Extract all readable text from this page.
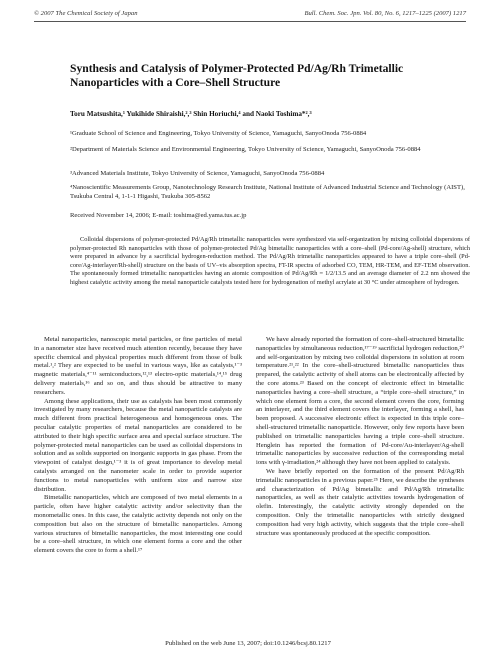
© 2007 The Chemical Society of Japan	Bull. Chem. Soc. Jpn. Vol. 80, No. 6, 1217–1225 (2007) 1217
Synthesis and Catalysis of Polymer-Protected Pd/Ag/Rh Trimetallic Nanoparticles with a Core–Shell Structure
Toru Matsushita,¹ Yukihide Shiraishi,²,³ Shin Horiuchi,⁴ and Naoki Toshima*²,³
¹Graduate School of Science and Engineering, Tokyo University of Science, Yamaguchi, SanyoOnoda 756-0884
²Department of Materials Science and Environmental Engineering, Tokyo University of Science, Yamaguchi, SanyoOnoda 756-0884
³Advanced Materials Institute, Tokyo University of Science, Yamaguchi, SanyoOnoda 756-0884
⁴Nanoscientific Measurements Group, Nanotechnology Research Institute, National Institute of Advanced Industrial Science and Technology (AIST), Tsukuba Central 4, 1-1-1 Higashi, Tsukuba 305-8562
Received November 14, 2006; E-mail: toshima@ed.yama.tus.ac.jp

Colloidal dispersions of polymer-protected Pd/Ag/Rh trimetallic nanoparticles were synthesized via self-organization by mixing colloidal dispersions of polymer-protected Rh nanoparticles with those of polymer-protected Pd/Ag bimetallic nanoparticles with a core–shell (Pd-core/Ag-shell) structure, which were prepared in advance by a sacrificial hydrogen-reduction method. The Pd/Ag/Rh trimetallic nanoparticles appeared to have a triple core–shell (Pd-core/Ag-interlayer/Rh-shell) structure on the basis of UV–vis absorption spectra, FT-IR spectra of adsorbed CO, TEM, HR-TEM, and EF-TEM observation. The spontaneously formed trimetallic nanoparticles having an atomic composition of Pd/Ag/Rh = 1/2/13.5 and an average diameter of 2.2 nm showed the highest catalytic activity among the metal nanoparticle catalysts tested here for hydrogenation of methyl acrylate at 30 °C under atmosphere of hydrogen.

Metal nanoparticles, nanoscopic metal particles, or fine particles of metal in a nanometer size have received much attention recently, because they have specific chemical and physical properties much different from those of bulk metal.¹,² They are expected to be useful in various ways, like as catalysts,¹⁻³ magnetic materials,⁴⁻¹¹ semiconductors,¹²,¹³ electro-optic materials,¹⁴,¹⁵ drug delivery materials,¹⁶ and so on, and thus should be attractive to many researchers.

Among these applications, their use as catalysts has been most commonly investigated by many researchers, because the metal nanoparticle catalysts are much different from practical heterogeneous and homogeneous ones. The peculiar catalytic properties of metal nanoparticles are considered to be attributed to their high specific surface area and special surface structure. The polymer-protected metal nanoparticles can be used as colloidal dispersions in solution and as solids supported on inorganic supports in gas phase. From the viewpoint of catalyst design,¹⁻³ it is of great importance to develop metal catalysts arranged on the nanometer scale in order to provide superior functions to metal nanoparticles with uniform size and narrow size distribution.

Bimetallic nanoparticles, which are composed of two metal elements in a particle, often have higher catalytic activity and/or selectivity than the monometallic ones. In this case, the catalytic activity depends not only on the composition but also on the structure of bimetallic nanoparticles. Among various structures of bimetallic nanoparticles, the most interesting one could be a core–shell structure, in which one element forms a core and the other element covers the core to form a shell.¹⁷

We have already reported the formation of core–shell-structured bimetallic nanoparticles by simultaneous reduction,¹⁷⁻¹⁹ sacrificial hydrogen reduction,²⁰ and self-organization by mixing two colloidal dispersions in solution at room temperature.²¹,²² In the core–shell-structured bimetallic nanoparticles thus prepared, the catalytic activity of shell atoms can be electronically affected by the core atoms.²³ Based on the concept of electronic effect in bimetallic nanoparticles having a core–shell structure, a “triple core–shell structure,” in which one element form a core, the second element covers the core, forming an interlayer, and the third element covers the interlayer, forming a shell, has been proposed. A successive electronic effect is expected in this triple core–shell-structured trimetallic nanoparticle. However, only few reports have been published on trimetallic nanoparticles having a triple core–shell structure. Henglein has reported the formation of Pd-core/Au-interlayer/Ag-shell trimetallic nanoparticles by successive reduction of the corresponding metal ions with γ-irradiation,²⁴ although they have not been applied to catalysis.

We have briefly reported on the formation of the present Pd/Ag/Rh trimetallic nanoparticles in a previous paper.²⁵ Here, we describe the syntheses and characterization of Pd/Ag bimetallic and Pd/Ag/Rh trimetallic nanoparticles, as well as their catalytic activities towards hydrogenation of olefin. Interestingly, the catalytic activity strongly depended on the composition. Only the trimetallic nanoparticles with strictly designed composition had very high activity, which suggests that the triple core–shell structure was spontaneously produced at the specific composition.

Published on the web June 13, 2007; doi:10.1246/bcsj.80.1217
